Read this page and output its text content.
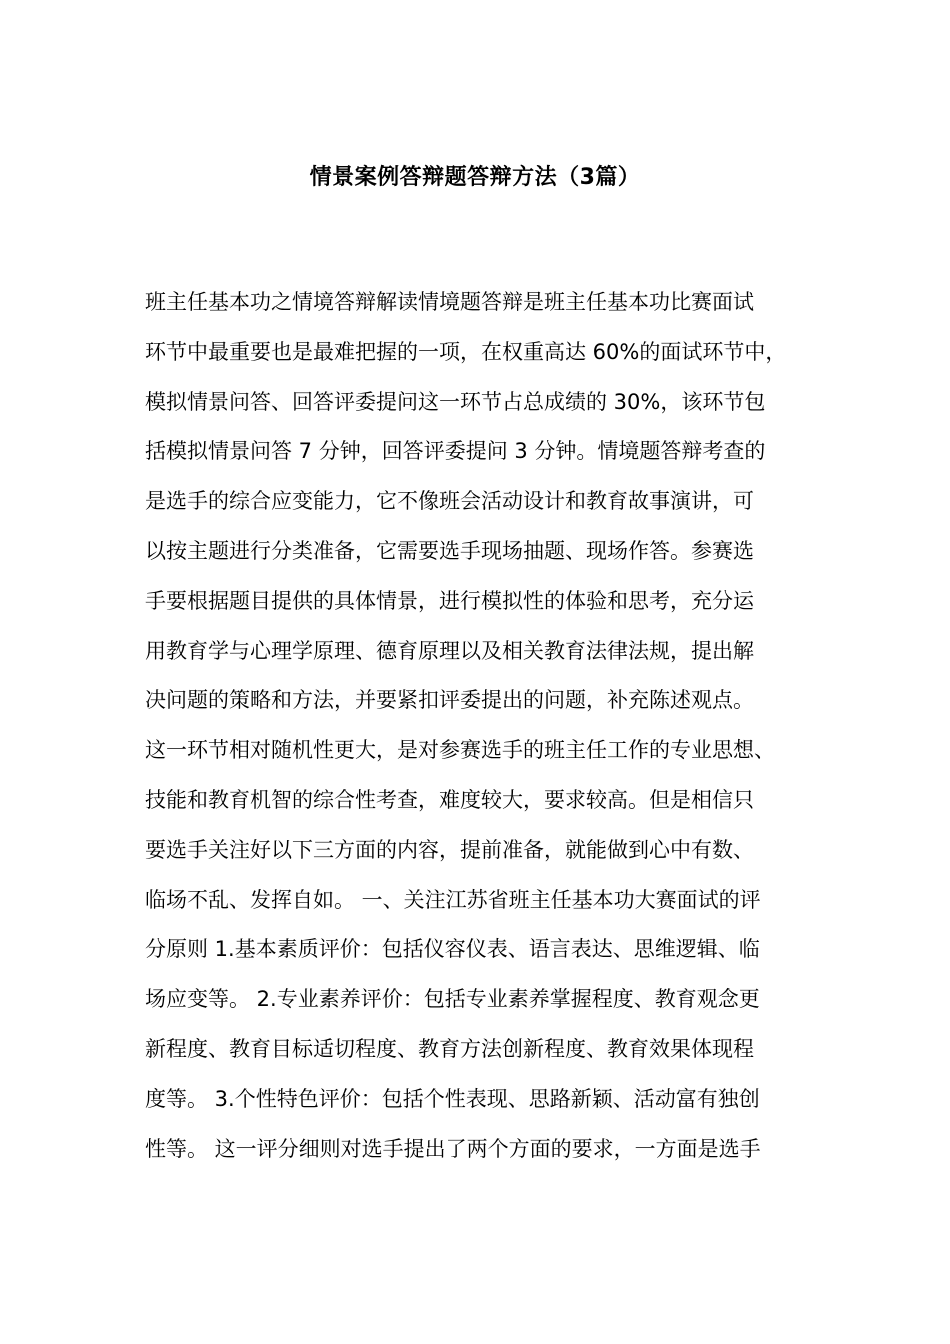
情景案例答辩题答辩方法（3篇）
班主任基本功之情境答辩解读情境题答辩是班主任基本功比赛面试
环节中最重要也是最难把握的一项，在权重高达 60%的面试环节中，
模拟情景问答、回答评委提问这一环节占总成绩的 30%，该环节包
括模拟情景问答 7 分钟，回答评委提问 3 分钟。情境题答辩考查的
是选手的综合应变能力，它不像班会活动设计和教育故事演讲，可
以按主题进行分类准备，它需要选手现场抽题、现场作答。参赛选
手要根据题目提供的具体情景，进行模拟性的体验和思考，充分运
用教育学与心理学原理、德育原理以及相关教育法律法规，提出解
决问题的策略和方法，并要紧扣评委提出的问题，补充陈述观点。
这一环节相对随机性更大，是对参赛选手的班主任工作的专业思想、
技能和教育机智的综合性考查，难度较大，要求较高。但是相信只
要选手关注好以下三方面的内容，提前准备，就能做到心中有数、
临场不乱、发挥自如。 一、关注江苏省班主任基本功大赛面试的评
分原则 1.基本素质评价：包括仪容仪表、语言表达、思维逻辑、临
场应变等。 2.专业素养评价：包括专业素养掌握程度、教育观念更
新程度、教育目标适切程度、教育方法创新程度、教育效果体现程
度等。 3.个性特色评价：包括个性表现、思路新颖、活动富有独创
性等。 这一评分细则对选手提出了两个方面的要求，一方面是选手
